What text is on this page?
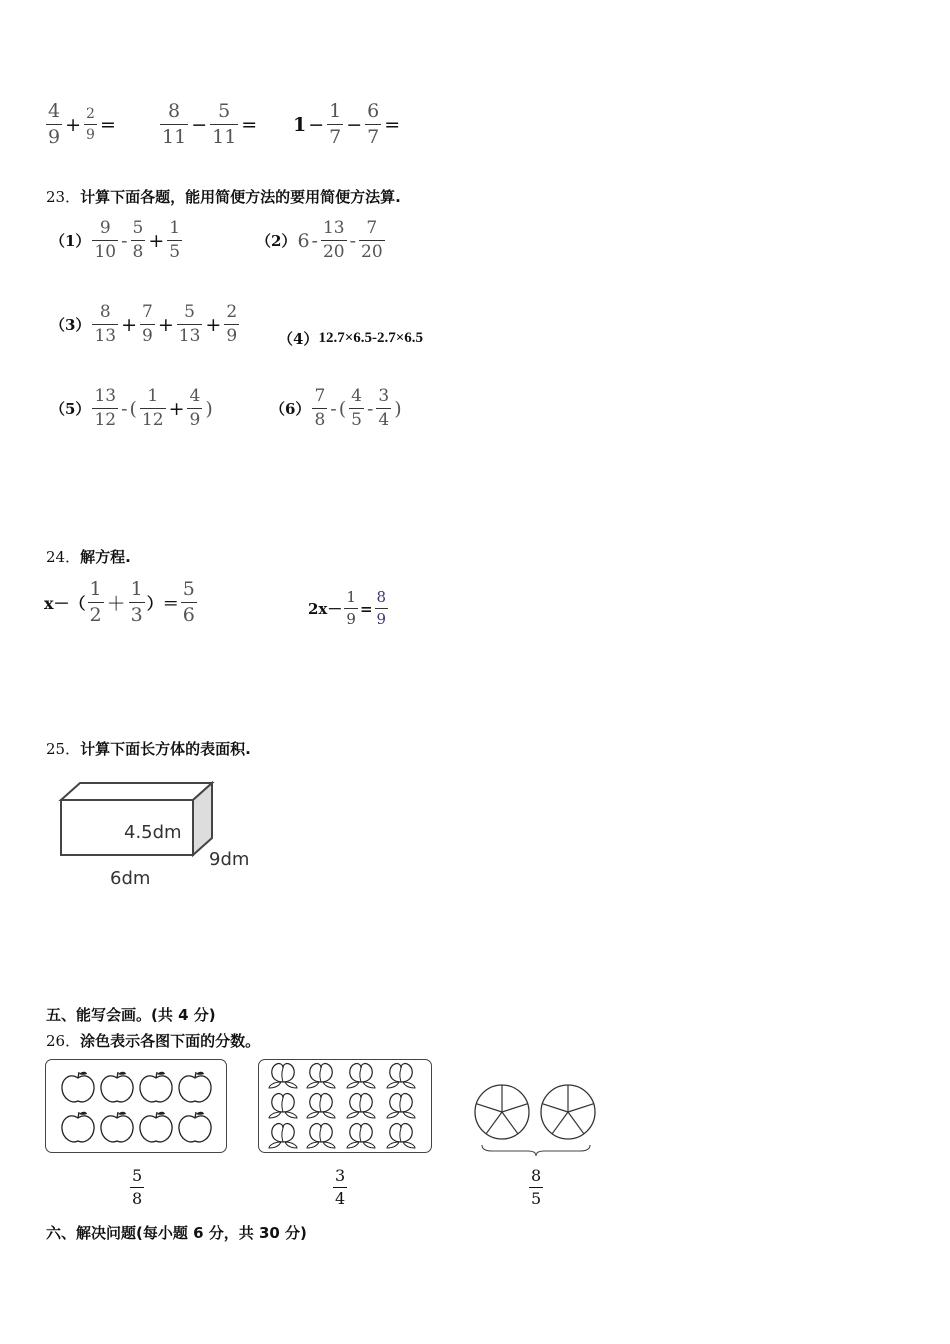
$\frac{4}{9} + \frac{2}{9} = \frac{8}{11} - \frac{5}{11} = 1 - \frac{1}{7} - \frac{6}{7}$ =
23．计算下面各题，能用简便方法的要用简便方法算.
$(1) \frac{9}{10} - \frac{5}{8} + \frac{1}{5}$	（2） $6 - \frac{13}{20} - \frac{7}{20}$
$(3) \frac{8}{13} + \frac{7}{9} + \frac{5}{13} + \frac{2}{9}$	（4） 12.7×6.5-2.7×6.5
$(5) \frac{13}{12}$ - ( $\frac{1}{12} + \frac{4}{9}$ )	$(6) \frac{7}{8}$ - ( $\frac{4}{5} - \frac{3}{4}$ )
24．解方程.
$x-( \frac{1}{2} + \frac{1}{3}$ ）＝ $\frac{5}{6}$	$2x- \frac{1}{9} = \frac{8}{9}$
25．计算下面长方体的表面积.
4.5dm
9dm
6dm
五、能写会画。(共 4 分)
26．涂色表示各图下面的分数。
$\frac{5}{8}$	$\frac{3}{4}$	$\frac{8}{5}$
六、解决问题(每小题 6 分，共 30 分)
